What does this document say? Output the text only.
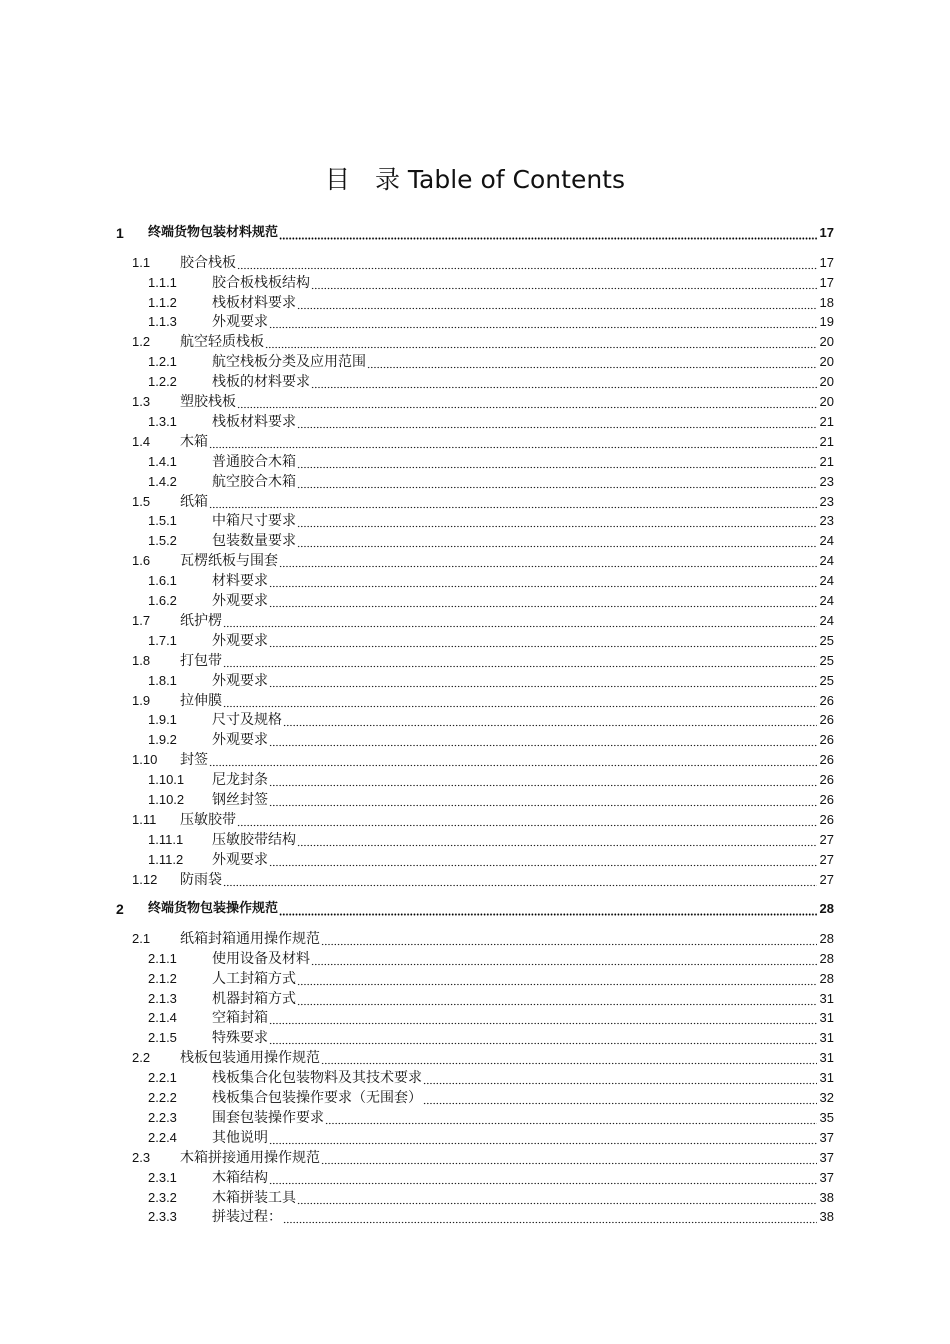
目　录 Table of Contents
1 终端货物包装材料规范	17
1.1 胶合栈板	17
1.1.1	胶合板栈板结构	17
1.1.2	栈板材料要求	18
1.1.3	外观要求	19
1.2 航空轻质栈板	20
1.2.1	航空栈板分类及应用范围	20
1.2.2	栈板的材料要求	20
1.3 塑胶栈板	20
1.3.1	栈板材料要求	21
1.4 木箱	21
1.4.1	普通胶合木箱	21
1.4.2	航空胶合木箱	23
1.5 纸箱	23
1.5.1	中箱尺寸要求	23
1.5.2	包装数量要求	24
1.6 瓦楞纸板与围套	24
1.6.1	材料要求	24
1.6.2	外观要求	24
1.7 纸护楞	24
1.7.1	外观要求	25
1.8 打包带	25
1.8.1	外观要求	25
1.9 拉伸膜	26
1.9.1	尺寸及规格	26
1.9.2	外观要求	26
1.10 封签	26
1.10.1 尼龙封条	26
1.10.2 钢丝封签	26
1.11 压敏胶带	26
1.11.1 压敏胶带结构	27
1.11.2 外观要求	27
1.12 防雨袋	27
2 终端货物包装操作规范	28
2.1 纸箱封箱通用操作规范	28
2.1.1	使用设备及材料	28
2.1.2	人工封箱方式	28
2.1.3	机器封箱方式	31
2.1.4	空箱封箱	31
2.1.5	特殊要求	31
2.2 栈板包装通用操作规范	31
2.2.1	栈板集合化包装物料及其技术要求	31
2.2.2	栈板集合包装操作要求（无围套）	32
2.2.3	围套包装操作要求	35
2.2.4	其他说明	37
2.3 木箱拼接通用操作规范	37
2.3.1	木箱结构	37
2.3.2	木箱拼装工具	38
2.3.3	拼装过程：	38
